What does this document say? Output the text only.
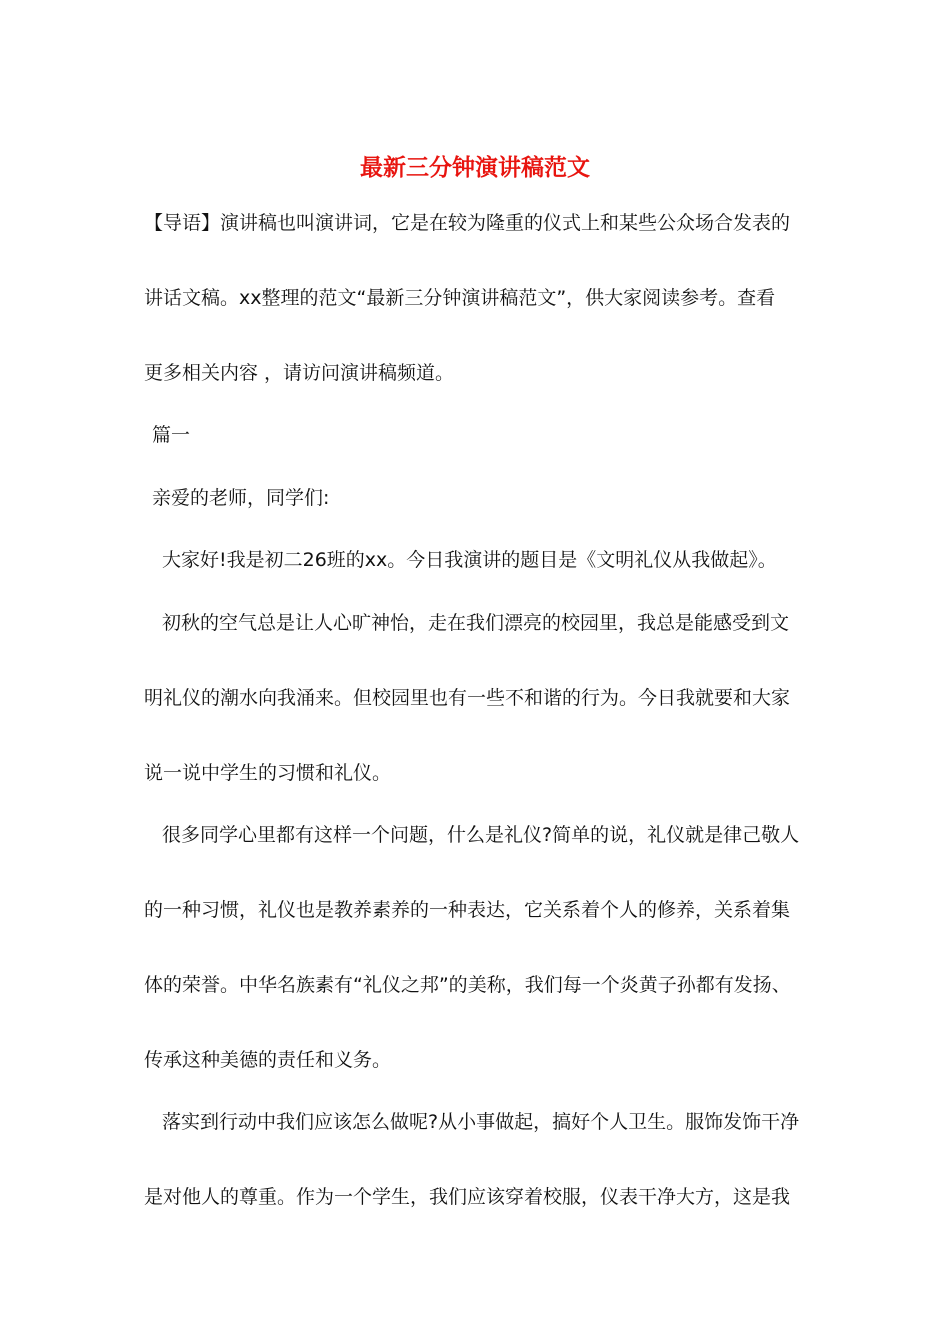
最新三分钟演讲稿范文

【导语】演讲稿也叫演讲词，它是在较为隆重的仪式上和某些公众场合发表的

讲话文稿。xx整理的范文“最新三分钟演讲稿范文”，供大家阅读参考。查看

更多相关内容 ，请访问演讲稿频道。

篇一

亲爱的老师，同学们:

大家好!我是初二26班的xx。今日我演讲的题目是《文明礼仪从我做起》。

初秋的空气总是让人心旷神怡，走在我们漂亮的校园里，我总是能感受到文

明礼仪的潮水向我涌来。但校园里也有一些不和谐的行为。今日我就要和大家

说一说中学生的习惯和礼仪。

很多同学心里都有这样一个问题，什么是礼仪?简单的说，礼仪就是律己敬人

的一种习惯，礼仪也是教养素养的一种表达，它关系着个人的修养，关系着集

体的荣誉。中华名族素有“礼仪之邦”的美称，我们每一个炎黄子孙都有发扬、

传承这种美德的责任和义务。

落实到行动中我们应该怎么做呢?从小事做起，搞好个人卫生。服饰发饰干净

是对他人的尊重。作为一个学生，我们应该穿着校服，仪表干净大方，这是我
